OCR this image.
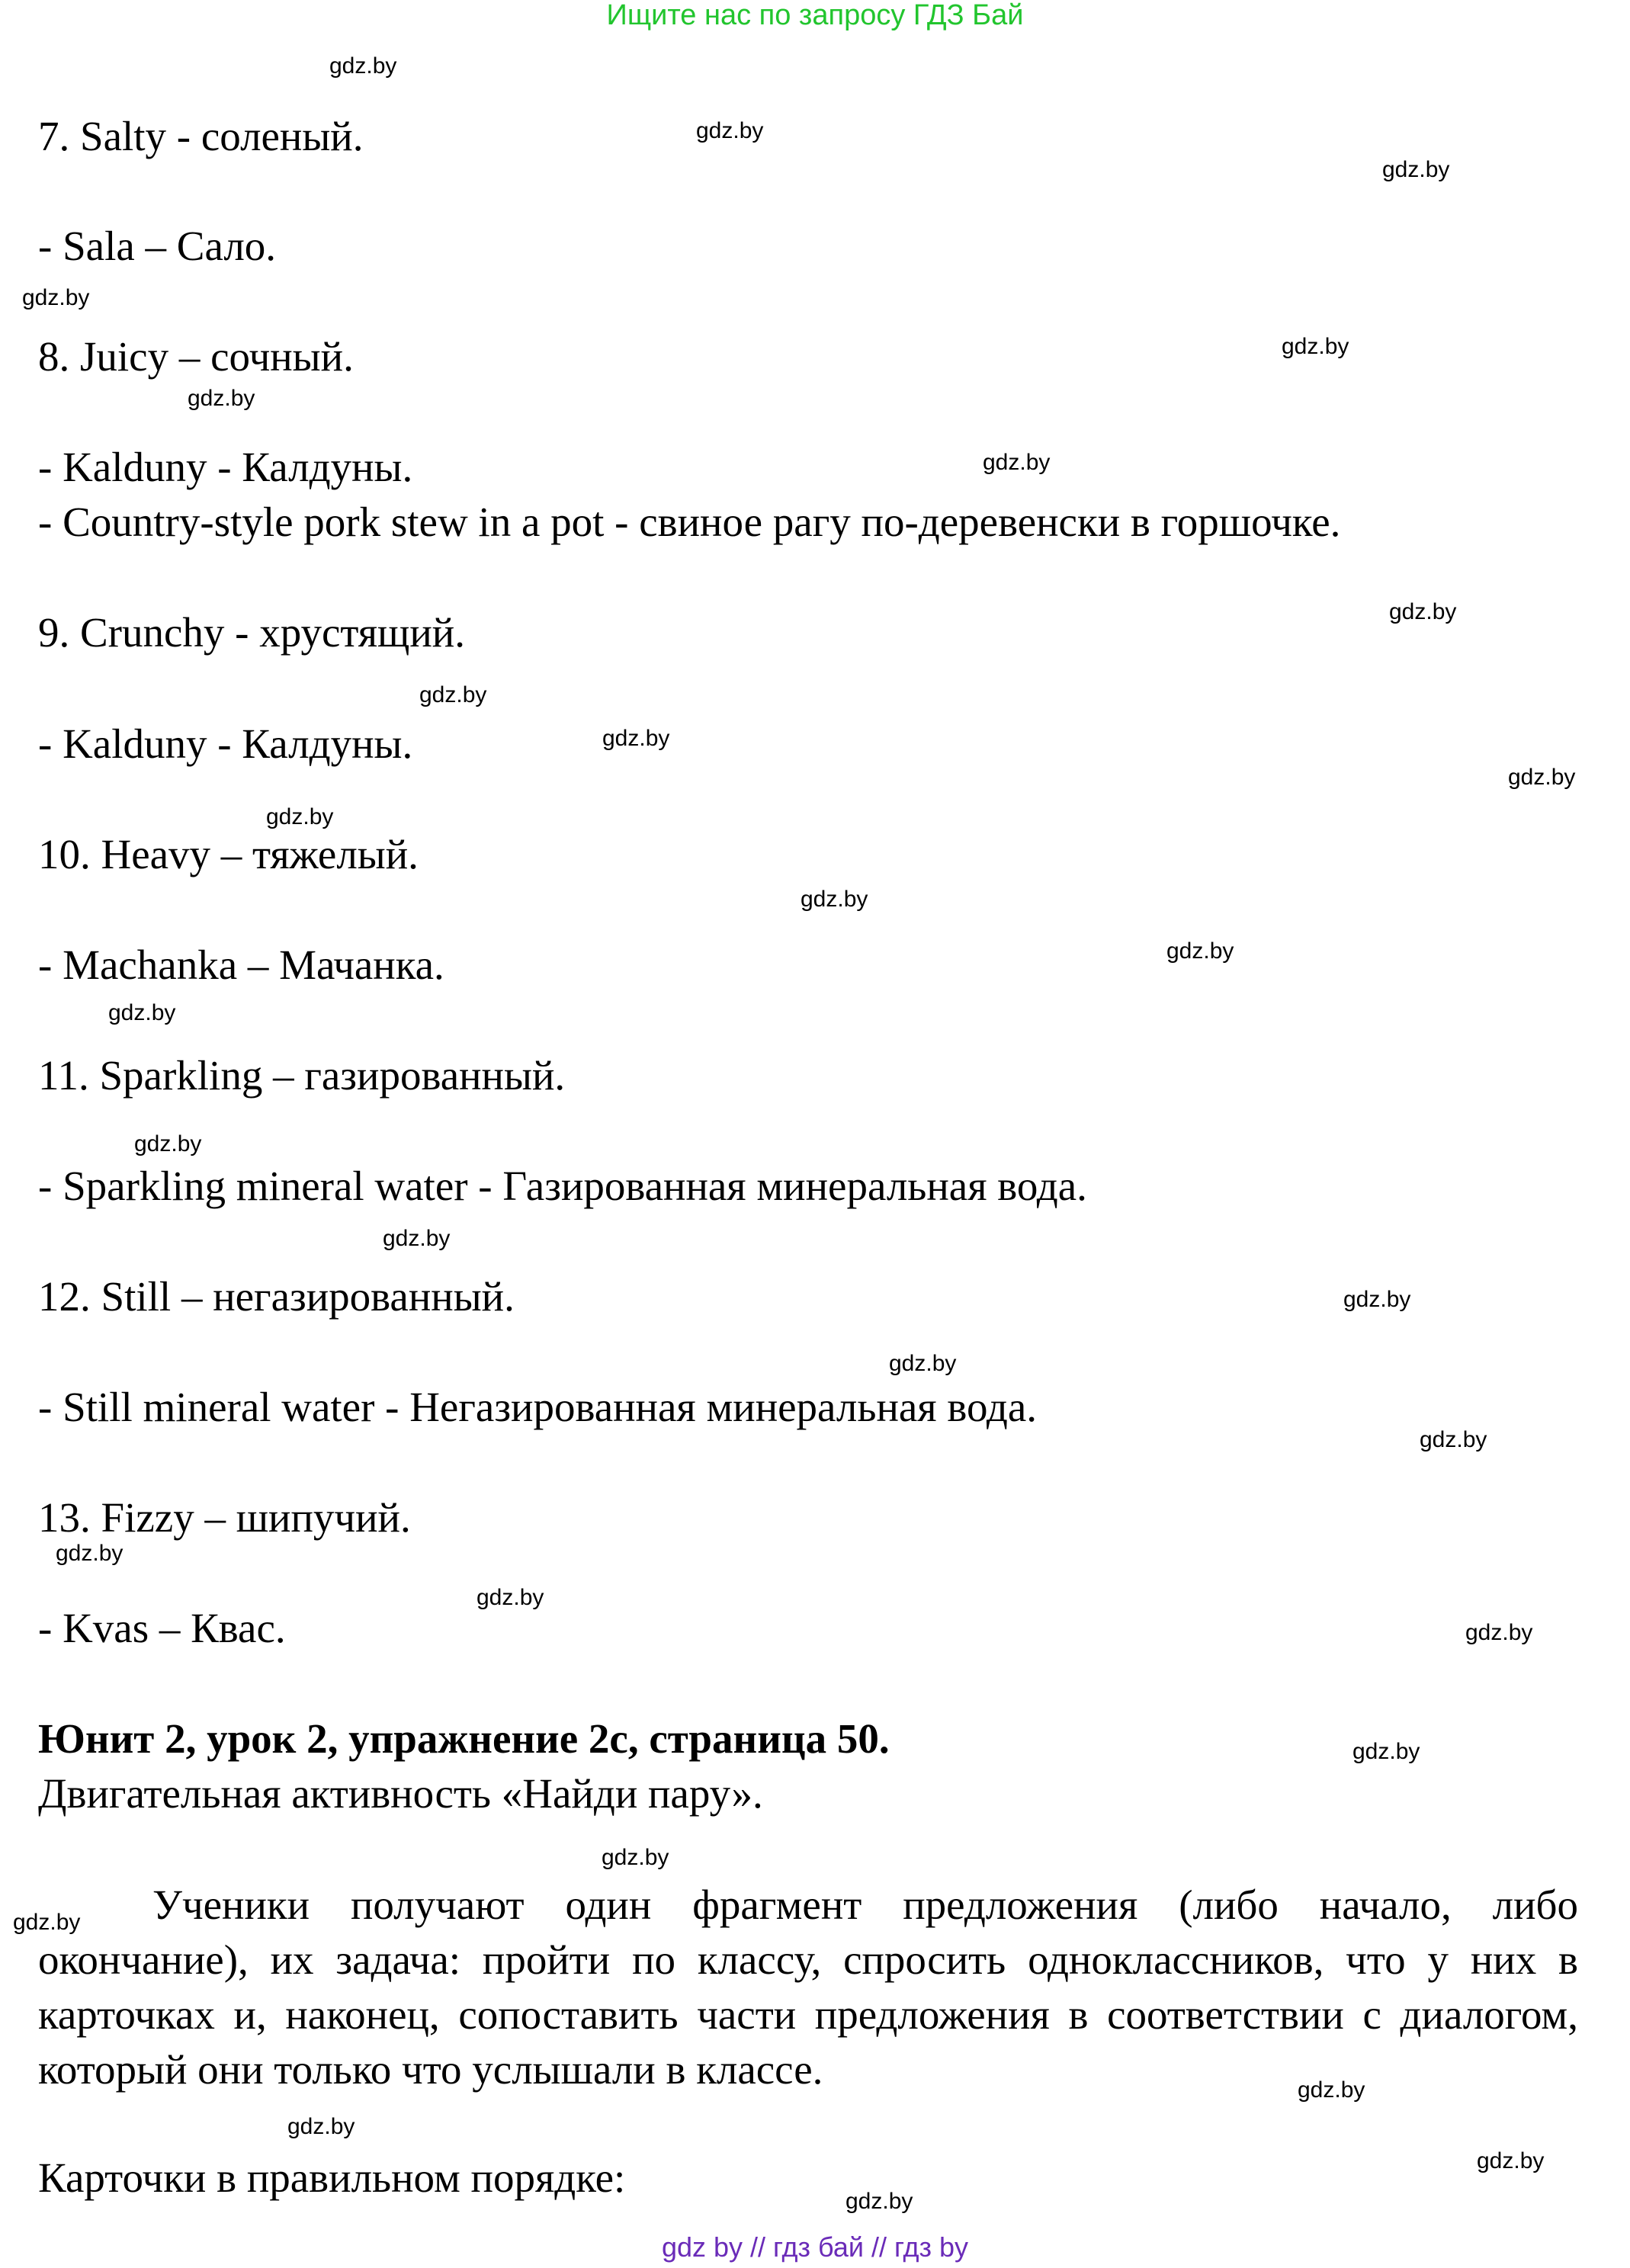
Ищите нас по запросу ГДЗ Бай
7. Salty - соленый.
- Sala – Сало.
8. Juicy – сочный.
- Kalduny - Калдуны.
- Country-style pork stew in a pot - свиное рагу по-деревенски в горшочке.
9. Crunchy - хрустящий.
- Kalduny - Калдуны.
10. Heavy – тяжелый.
- Machanka – Мачанка.
11. Sparkling – газированный.
- Sparkling mineral water - Газированная минеральная вода.
12. Still – негазированный.
- Still mineral water - Негазированная минеральная вода.
13. Fizzy – шипучий.
- Kvas – Квас.
Юнит 2, урок 2, упражнение 2с, страница 50.
Двигательная активность «Найди пару».
Ученики получают один фрагмент предложения (либо начало, либо
окончание), их задача: пройти по классу, спросить одноклассников, что у них в
карточках и, наконец, сопоставить части предложения в соответствии с диалогом,
который они только что услышали в классе.
Карточки в правильном порядке:
gdz.by
gdz.by
gdz.by
gdz.by
gdz.by
gdz.by
gdz.by
gdz.by
gdz.by
gdz.by
gdz.by
gdz.by
gdz.by
gdz.by
gdz.by
gdz.by
gdz.by
gdz.by
gdz.by
gdz.by
gdz.by
gdz.by
gdz.by
gdz.by
gdz.by
gdz.by
gdz.by
gdz.by
gdz.by
gdz.by
gdz by // гдз бай // гдз by
